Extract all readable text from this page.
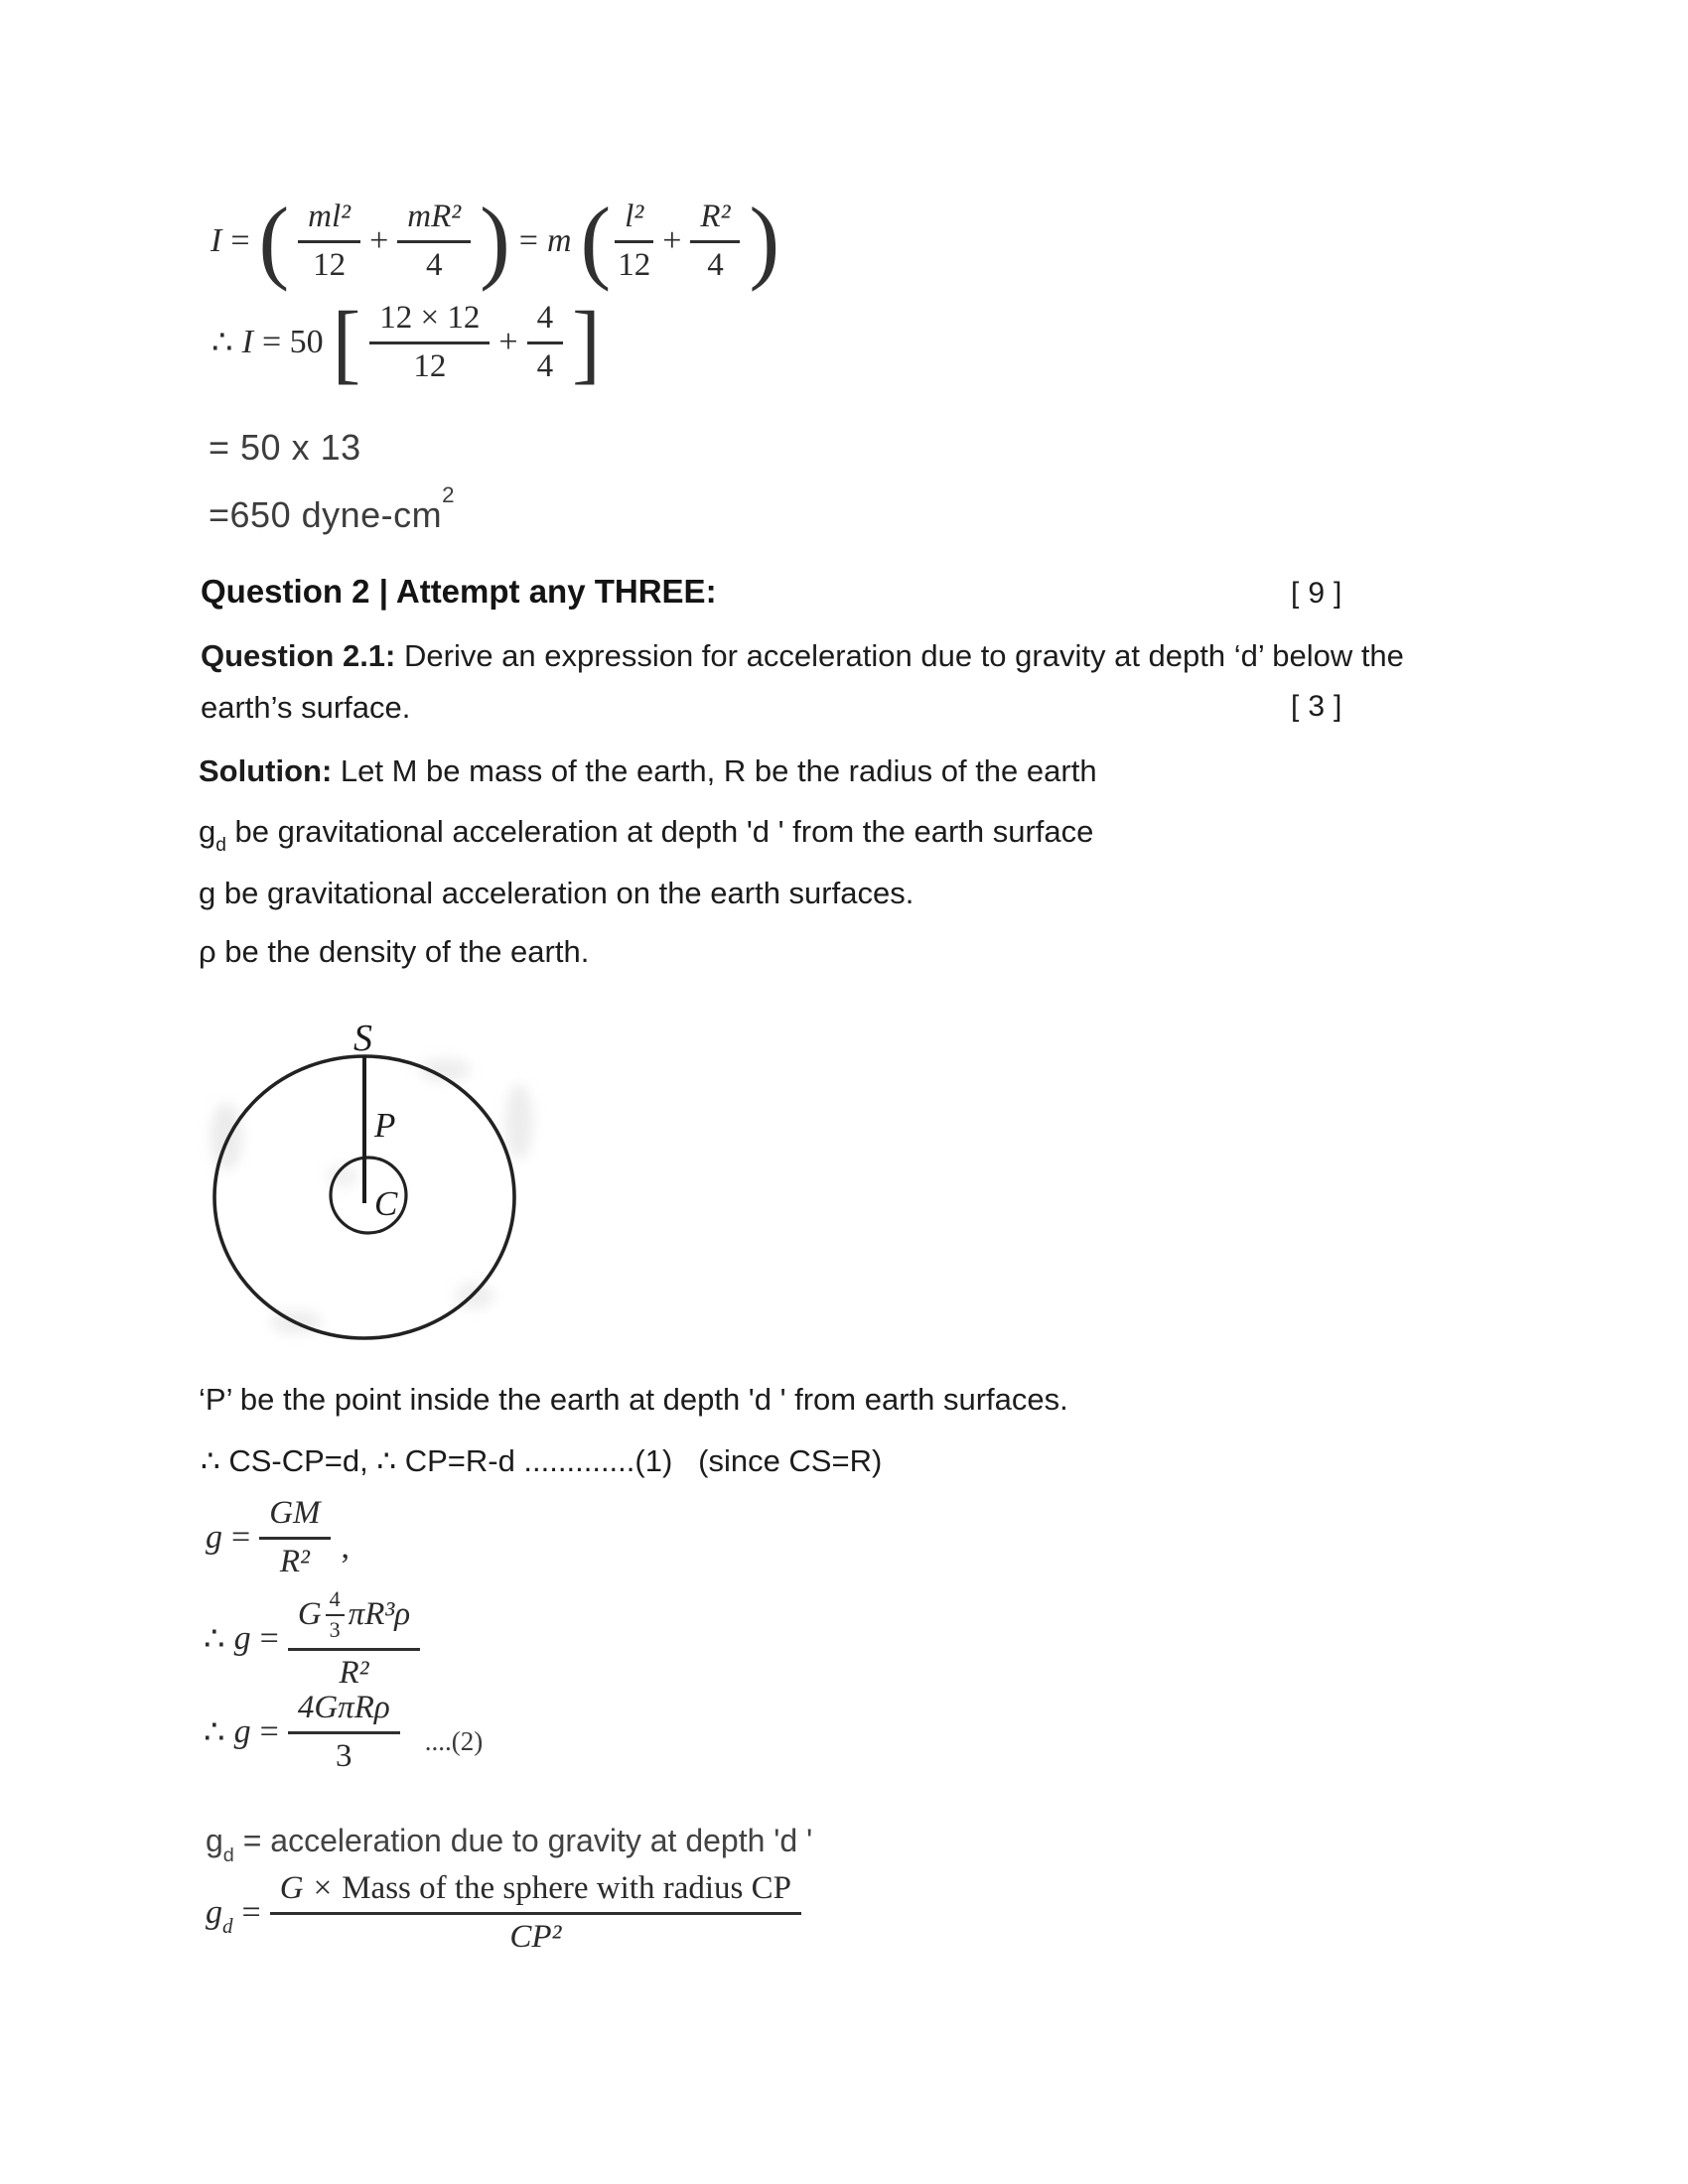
I = ( $\frac{\text{ml²}}{12} + \frac{\text{mR²}}{4}$ ) = m ( $\frac{\text{l²}}{12} + \frac{\text{R²}}{4}$ )
∴ I = 50 [ $\frac{12 \times 12}{12} + \frac{4}{4}$ ]
= 50 x 13
=650 dyne-$cm^2$
Question 2 | Attempt any THREE:	[9]
Question 2.1: Derive an expression for acceleration due to gravity at depth ‘d’ below the
earth’s surface.	[3]
Solution: Let M be mass of the earth, R be the radius of the earth
$g_d$ be gravitational acceleration at depth 'd ' from the earth surface
g be gravitational acceleration on the earth surfaces.
ρ be the density of the earth.
S
P
C
‘P’ be the point inside the earth at depth 'd ' from earth surfaces.
∴ CS-CP=d, ∴ CP=R-d .............(1)   (since CS=R)
$g = \frac{GM}{\text{R²}}$ ,
∴ $g = \frac{G \frac{4}{3} \pi R^3\rho}{\text{R²}}$
∴ $g = \frac{\text{4GπRρ}}{3} ....(2)$
$g_d$ = acceleration due to gravity at depth 'd '
$g_d = \frac{\text{G × Mass of the sphere with radius CP}}{\text{CP²}}$
